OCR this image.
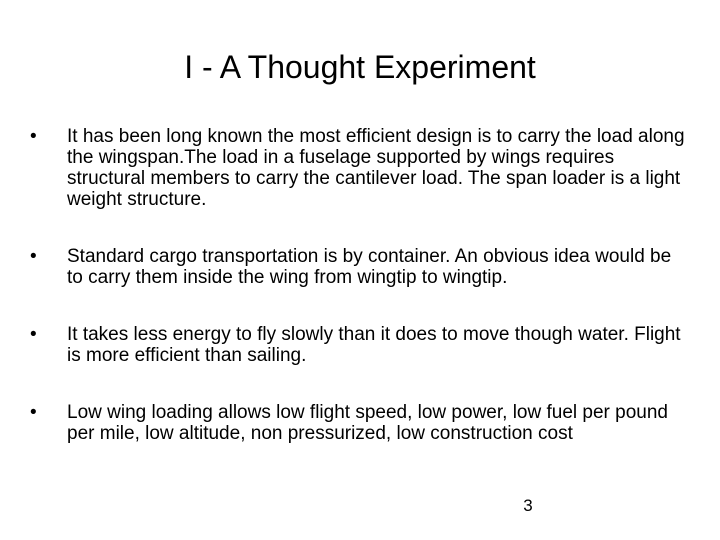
I - A Thought Experiment
•	It has been long known the most efficient design is to carry the load along the wingspan.The load in a fuselage supported by wings requires structural members to carry the cantilever load. The span loader is a light weight structure.
•	Standard cargo transportation is by container. An obvious idea would be to carry them inside the wing from wingtip to wingtip.
•	It takes less energy to fly slowly than it does to move though water. Flight is more efficient than sailing.
•	Low wing loading allows low flight speed, low power, low fuel per pound per mile, low altitude, non pressurized, low construction cost
3
